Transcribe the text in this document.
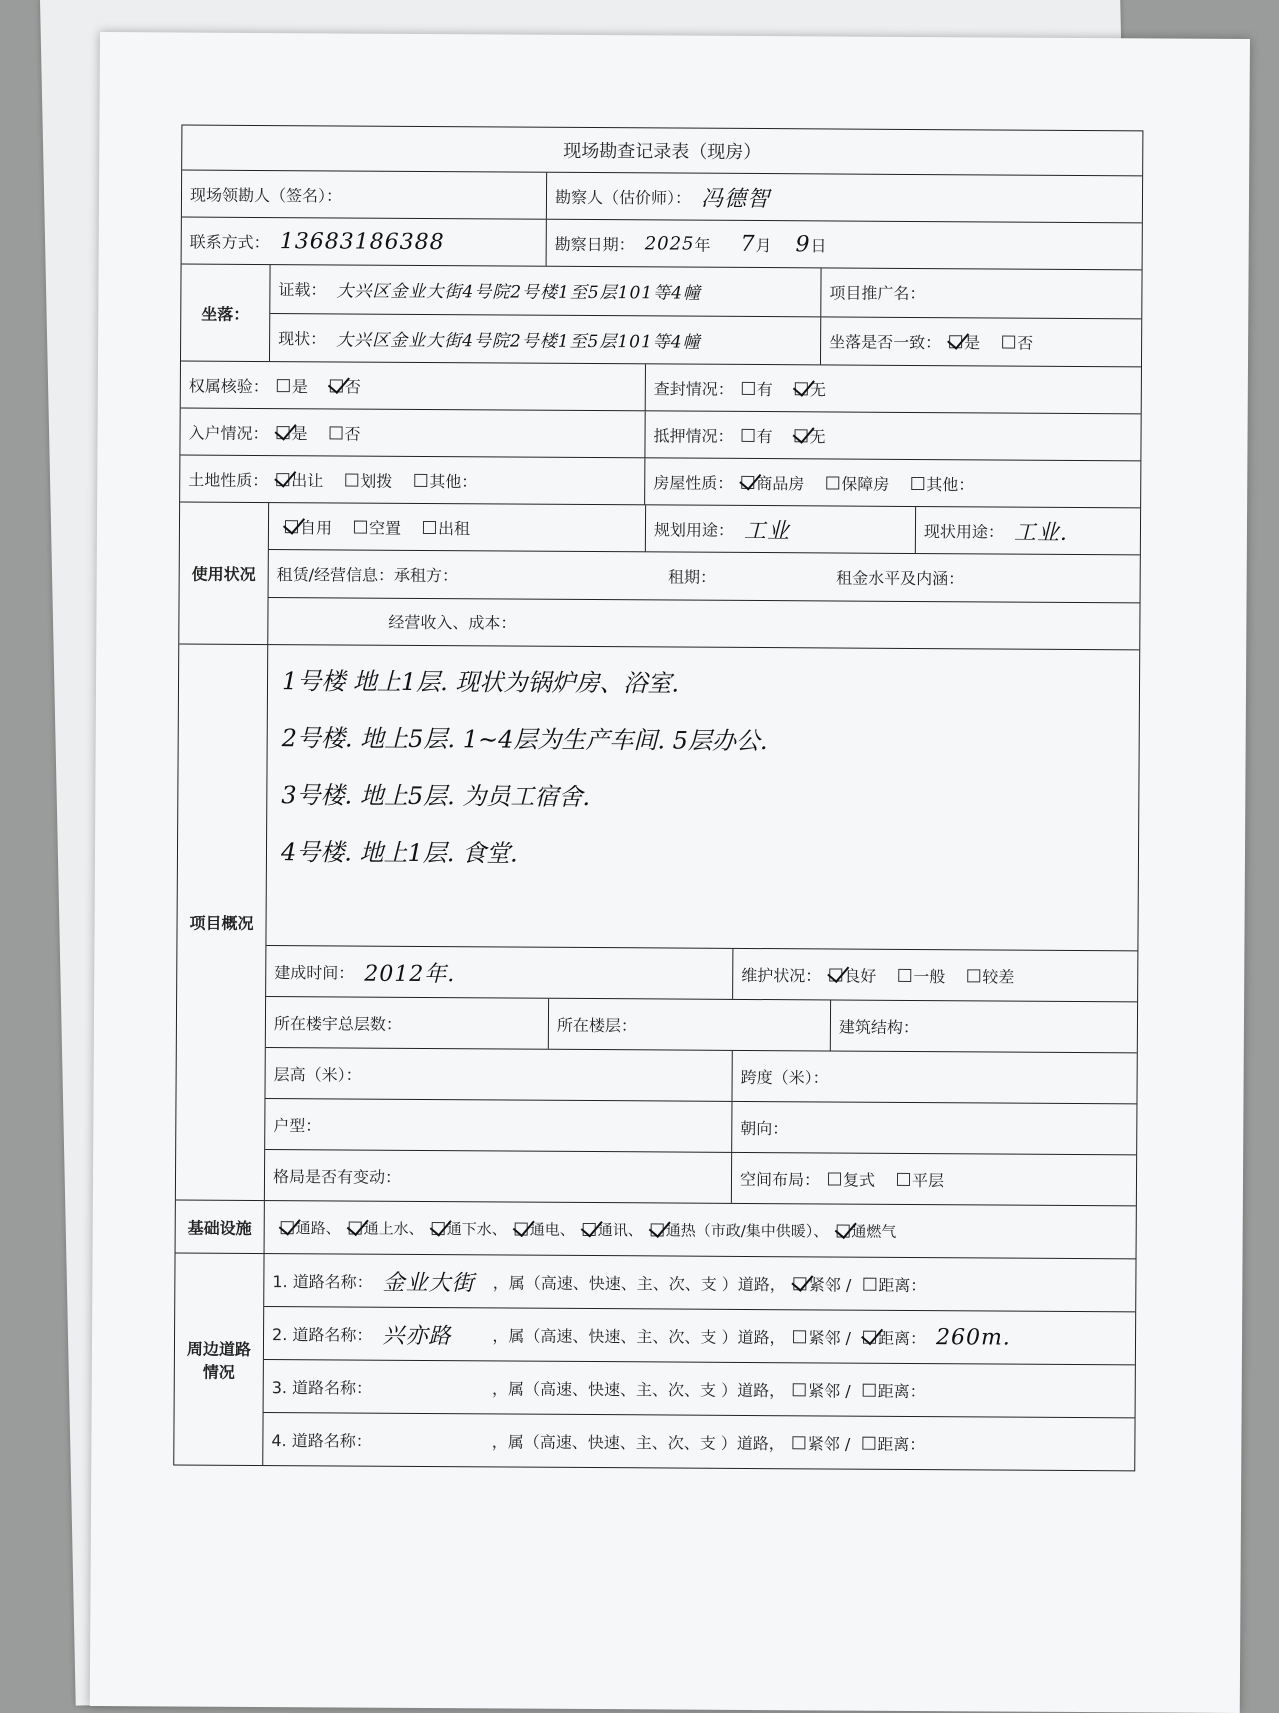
现场勘查记录表（现房）
现场领勘人（签名）：	勘察人（估价师）： 冯德智
联系方式： 13683186388	勘察日期： 2025 年 7 月 9 日
坐落：
证载： 大兴区金业大街4号院2号楼1至5层101等4幢	项目推广名：
现状： 大兴区金业大街4号院2号楼1至5层101等4幢	坐落是否一致： 是 否
权属核验： 是 否	查封情况： 有 无
入户情况： 是 否	抵押情况： 有 无
土地性质： 出让 划拨 其他：	房屋性质： 商品房 保障房 其他：
使用状况
自用 空置 出租	规划用途： 工业	现状用途： 工业.
租赁/经营信息：承租方：	租期：	租金水平及内涵：
经营收入、成本：
项目概况
1号楼 地上1层. 现状为锅炉房、浴室.
2号楼. 地上5层. 1~4层为生产车间. 5层办公.
3号楼. 地上5层. 为员工宿舍.
4号楼. 地上1层. 食堂.
建成时间： 2012年.	维护状况： 良好 一般 较差
所在楼宇总层数：	所在楼层：	建筑结构：
层高（米）：	跨度（米）：
户型：	朝向：
格局是否有变动：	空间布局： 复式 平层
基础设施	通路、 通上水、 通下水、 通电、 通讯、 通热（市政/集中供暖）、 通燃气
周边道路情况
1. 道路名称： 金业大街	，属（高速、快速、主、次、支 ）道路， 紧邻 / 距离：
2. 道路名称： 兴亦路	，属（高速、快速、主、次、支 ）道路， 紧邻 / 距离： 260m.
3. 道路名称：	，属（高速、快速、主、次、支 ）道路， 紧邻 / 距离：
4. 道路名称：	，属（高速、快速、主、次、支 ）道路， 紧邻 / 距离：
